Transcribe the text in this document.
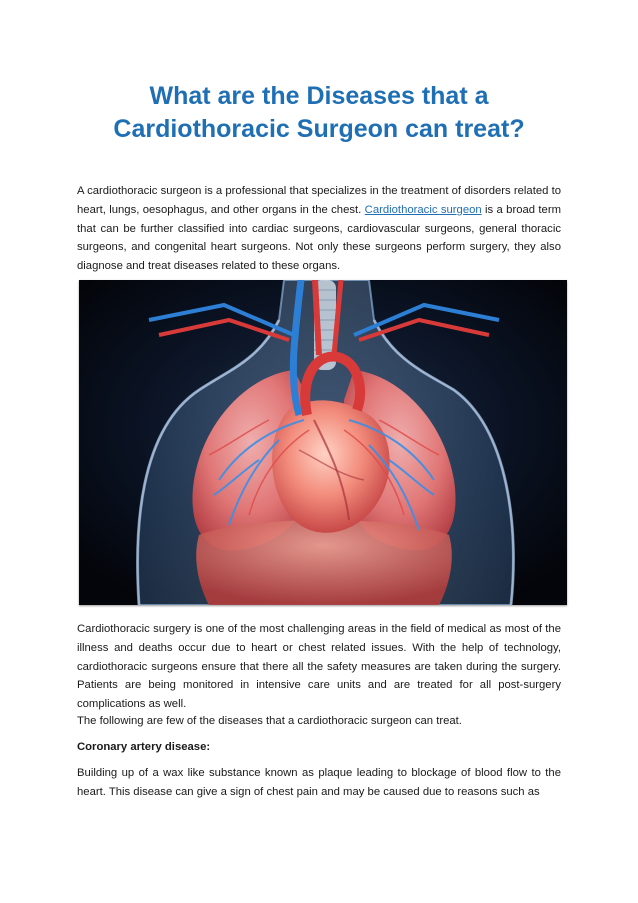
What are the Diseases that a
Cardiothoracic Surgeon can treat?

A cardiothoracic surgeon is a professional that specializes in the treatment of disorders related to heart, lungs, oesophagus, and other organs in the chest. Cardiothoracic surgeon is a broad term that can be further classified into cardiac surgeons, cardiovascular surgeons, general thoracic surgeons, and congenital heart surgeons. Not only these surgeons perform surgery, they also diagnose and treat diseases related to these organs.

Cardiothoracic surgery is one of the most challenging areas in the field of medical as most of the illness and deaths occur due to heart or chest related issues. With the help of technology, cardiothoracic surgeons ensure that there all the safety measures are taken during the surgery. Patients are being monitored in intensive care units and are treated for all post-surgery complications as well.

The following are few of the diseases that a cardiothoracic surgeon can treat.

Coronary artery disease:

Building up of a wax like substance known as plaque leading to blockage of blood flow to the heart. This disease can give a sign of chest pain and may be caused due to reasons such as
